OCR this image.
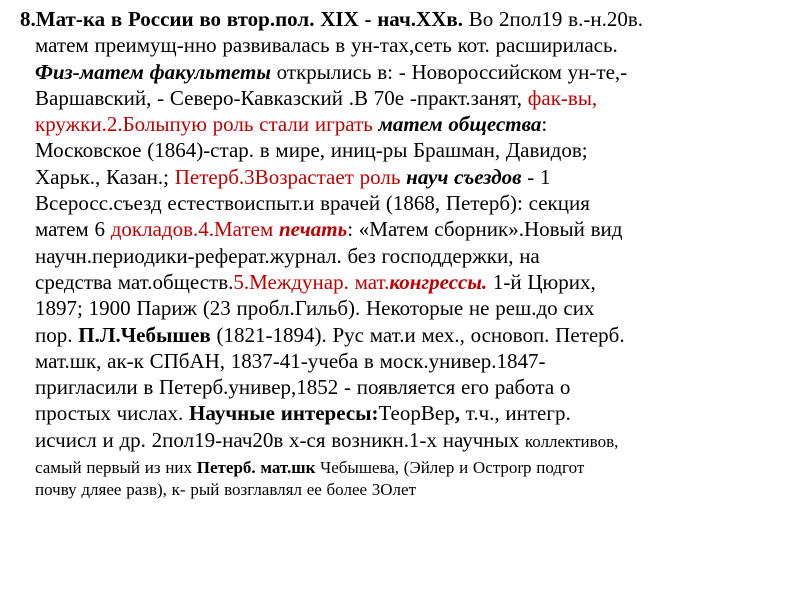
8.Мат-ка в России во втор.пол. XIX - нач.XXв. Во 2пол19 в.-н.20в.
матем преимущ-нно развивалась в ун-тах,сеть кот. расширилась.
Физ-матем факультеты открылись в: - Новороссийском ун-те,-
Варшавский, - Северо-Кавказский .В 70е -практ.занят, фак-вы,
кружки.2.Болыпую роль стали играть матем общества:
Московское (1864)-стар. в мире, иниц-ры Брашман, Давидов;
Харьк., Казан.; Петерб.3Возрастает роль науч съездов - 1
Всеросс.съезд естествоиспыт.и врачей (1868, Петерб): секция
матем 6 докладов.4.Матем печать: «Матем сборник».Новый вид
научн.периодики-реферат.журнал. без господдержки, на
средства мат.обществ.5.Междунар. мат.конгрессы. 1-й Цюрих,
1897; 1900 Париж (23 пробл.Гильб). Некоторые не реш.до сих
пор. П.Л.Чебышев (1821-1894). Рус мат.и мех., основоп. Петерб.
мат.шк, ак-к СПбАН, 1837-41-учеба в моск.универ.1847-
пригласили в Петерб.универ,1852 - появляется его работа о
простых числах. Научные интересы:ТеорВер, т.ч., интегр.
исчисл и др. 2пол19-нач20в х-ся возникн.1-х научных коллективов,
самый первый из них Петерб. мат.шк Чебышева, (Эйлер и Остроrр подгот
почву дляее разв), к- рый возглавлял ее более 3Олет
